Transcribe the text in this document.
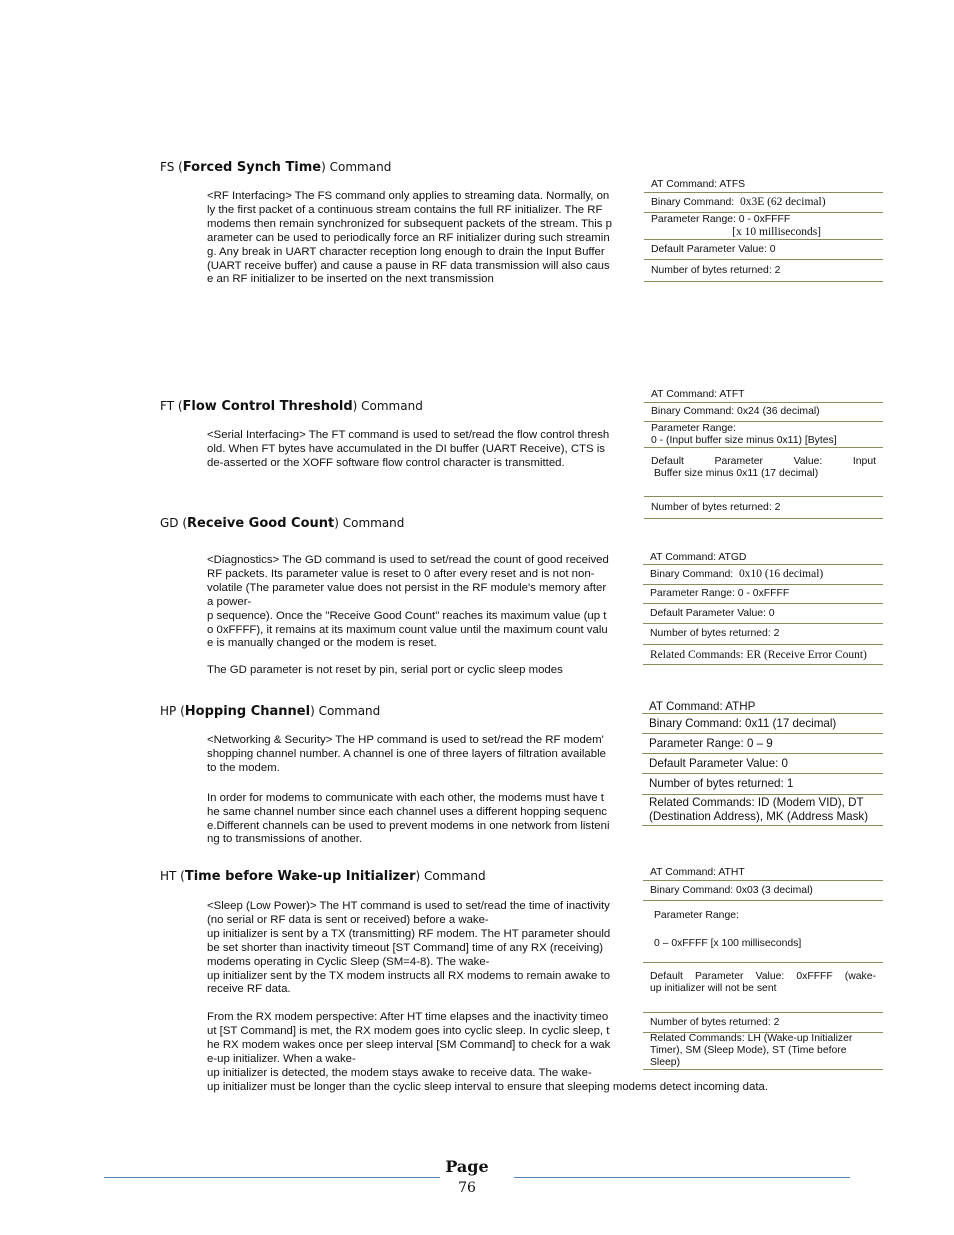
FS (Forced Synch Time) Command

<RF Interfacing> The FS command only applies to streaming data. Normally, on
ly the first packet of a continuous stream contains the full RF initializer. The RF
modems then remain synchronized for subsequent packets of the stream. This p
arameter can be used to periodically force an RF initializer during such streamin
g. Any break in UART character reception long enough to drain the Input Buffer
(UART receive buffer) and cause a pause in RF data transmission will also caus
e an RF initializer to be inserted on the next transmission

AT Command: ATFS
Binary Command: 0x3E (62 decimal)
Parameter Range: 0 - 0xFFFF
[x 10 milliseconds]
Default Parameter Value: 0
Number of bytes returned: 2
FT (Flow Control Threshold) Command

<Serial Interfacing> The FT command is used to set/read the flow control thresh
old. When FT bytes have accumulated in the DI buffer (UART Receive), CTS is
de-asserted or the XOFF software flow control character is transmitted.

AT Command: ATFT
Binary Command: 0x24 (36 decimal)
Parameter Range:
0 - (Input buffer size minus 0x11) [Bytes]
Default Parameter Value: Input
Buffer size minus 0x11 (17 decimal)
Number of bytes returned: 2
GD (Receive Good Count) Command

<Diagnostics> The GD command is used to set/read the count of good received
RF packets. Its parameter value is reset to 0 after every reset and is not non-
volatile (The parameter value does not persist in the RF module's memory after
a power-
p sequence). Once the "Receive Good Count" reaches its maximum value (up t
o 0xFFFF), it remains at its maximum count value until the maximum count valu
e is manually changed or the modem is reset.

The GD parameter is not reset by pin, serial port or cyclic sleep modes

AT Command: ATGD
Binary Command: 0x10 (16 decimal)
Parameter Range: 0 - 0xFFFF
Default Parameter Value: 0
Number of bytes returned: 2
Related Commands: ER (Receive Error Count)
HP (Hopping Channel) Command

<Networking & Security> The HP command is used to set/read the RF modem'
shopping channel number. A channel is one of three layers of filtration available
to the modem.

In order for modems to communicate with each other, the modems must have t
he same channel number since each channel uses a different hopping sequenc
e.Different channels can be used to prevent modems in one network from listeni
ng to transmissions of another.

AT Command: ATHP
Binary Command: 0x11 (17 decimal)
Parameter Range: 0 – 9
Default Parameter Value: 0
Number of bytes returned: 1
Related Commands: ID (Modem VID), DT (Destination Address), MK (Address Mask)
HT (Time before Wake-up Initializer) Command

<Sleep (Low Power)> The HT command is used to set/read the time of inactivity
(no serial or RF data is sent or received) before a wake-
up initializer is sent by a TX (transmitting) RF modem. The HT parameter should
be set shorter than inactivity timeout [ST Command] time of any RX (receiving)
modems operating in Cyclic Sleep (SM=4-8). The wake-
up initializer sent by the TX modem instructs all RX modems to remain awake to
receive RF data.

From the RX modem perspective: After HT time elapses and the inactivity timeo
ut [ST Command] is met, the RX modem goes into cyclic sleep. In cyclic sleep, t
he RX modem wakes once per sleep interval [SM Command] to check for a wak
e-up initializer. When a wake-
up initializer is detected, the modem stays awake to receive data. The wake-
up initializer must be longer than the cyclic sleep interval to ensure that sleeping modems detect incoming data.

AT Command: ATHT
Binary Command: 0x03 (3 decimal)
Parameter Range:
0 – 0xFFFF [x 100 milliseconds]
Default Parameter Value: 0xFFFF (wake-
up initializer will not be sent
Number of bytes returned: 2
Related Commands: LH (Wake-up Initializer Timer), SM (Sleep Mode), ST (Time before Sleep)
Page
76
